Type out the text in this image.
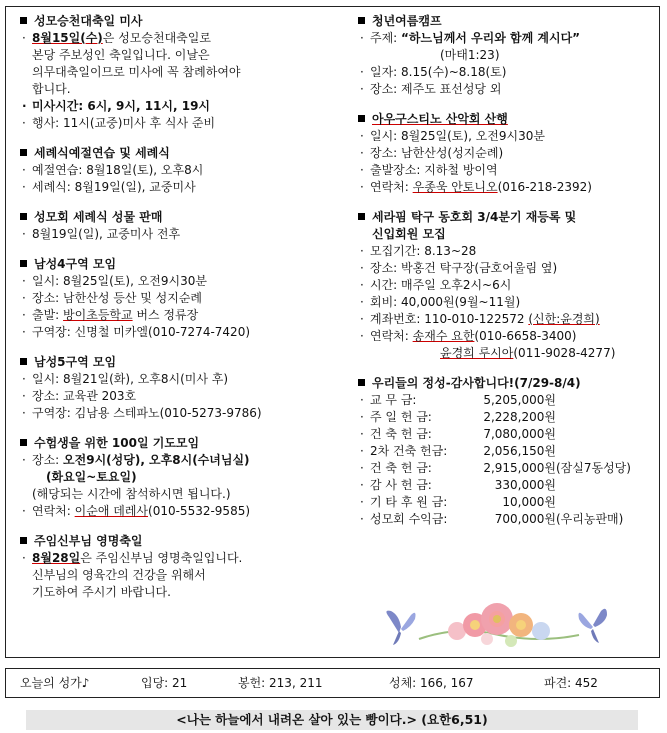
성모승천대축일 미사
· 8월15일(수)은 성모승천대축일로
본당 주보성인 축일입니다. 이날은
의무대축일이므로 미사에 꼭 참례하여야
합니다.
· 미사시간: 6시, 9시, 11시, 19시
· 행사: 11시(교중)미사 후 식사 준비
세례식예절연습 및 세례식
· 예절연습: 8월18일(토), 오후8시
· 세례식: 8월19일(일), 교중미사
성모회 세례식 성물 판매
· 8월19일(일), 교중미사 전후
남성4구역 모임
· 일시: 8월25일(토), 오전9시30분
· 장소: 남한산성 등산 및 성지순례
· 출발: 방이초등학교 버스 정류장
· 구역장: 신명철 미카엘(010-7274-7420)
남성5구역 모임
· 일시: 8월21일(화), 오후8시(미사 후)
· 장소: 교육관 203호
· 구역장: 김남용 스테파노(010-5273-9786)
수험생을 위한 100일 기도모임
· 장소: 오전9시(성당), 오후8시(수녀님실)
(화요일~토요일)
(해당되는 시간에 참석하시면 됩니다.)
· 연락처: 이순애 데레사(010-5532-9585)
주임신부님 영명축일
· 8월28일은 주임신부님 영명축일입니다.
신부님의 영육간의 건강을 위해서
기도하여 주시기 바랍니다.
청년여름캠프
· 주제: “하느님께서 우리와 함께 계시다”
(마태1:23)
· 일자: 8.15(수)~8.18(토)
· 장소: 제주도 표선성당 외
아우구스티노 산악회 산행
· 일시: 8월25일(토), 오전9시30분
· 장소: 남한산성(성지순례)
· 출발장소: 지하철 방이역
· 연락처: 우종욱 안토니오(016-218-2392)
세라핌 탁구 동호회 3/4분기 재등록 및
신입회원 모집
· 모집기간: 8.13~28
· 장소: 박홍건 탁구장(금호어울림 옆)
· 시간: 매주일 오후2시~6시
· 회비: 40,000원(9월~11월)
· 계좌번호: 110-010-122572 (신한:윤경희)
· 연락처: 송재수 요한(010-6658-3400)
윤경희 루시아(011-9028-4277)
우리들의 정성-감사합니다!(7/29-8/4)
· 교 무 금:	5,205,000원
· 주 일 헌 금:	2,228,200원
· 건 축 헌 금:	7,080,000원
· 2차 건축 헌금:	2,056,150원
· 건 축 헌 금:	2,915,000원 (잠실7동성당)
· 감 사 헌 금:	330,000원
· 기 타 후 원 금:	10,000원
· 성모회 수익금:	700,000원 (우리농판매)
오늘의 성가♪	입당: 21	봉헌: 213, 211	성체: 166, 167	파견: 452
<나는 하늘에서 내려온 살아 있는 빵이다.> (요한6,51)
